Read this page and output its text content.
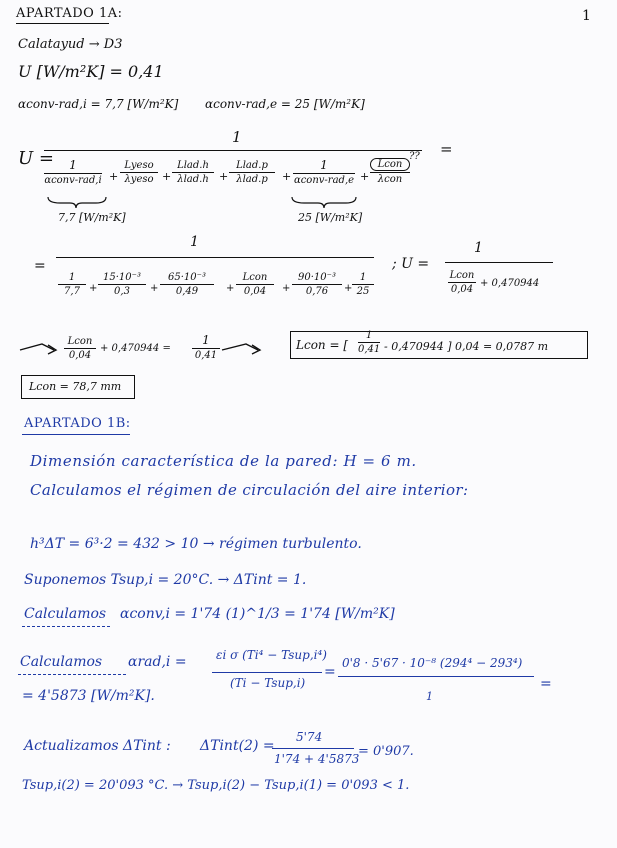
1
APARTADO 1A:
Calatayud → D3
U [W/m²K] = 0,41
αconv-rad,i = 7,7 [W/m²K] αconv-rad,e = 25 [W/m²K]
U =
1
=
1
αconv-rad,i +
Lyeso
λyeso +
Llad.h
λlad.h +
Llad.p
λlad.p	+
1
αconv-rad,e +
Lcon
λcon
??
7,7 [W/m²K]	25 [W/m²K]
=
1
1
7,7 +
15·10⁻³
0,3	+
65·10⁻³
0,49	+
Lcon
0,04	+
90·10⁻³
0,76	+
1
25
; U =
1
Lcon
0,04
+ 0,470944
Lcon
0,04
+ 0,470944 =
1
0,41
Lcon = [
1
0,41 - 0,470944 ] 0,04 = 0,0787 m
Lcon = 78,7 mm
APARTADO 1B:
Dimensión característica de la pared: H = 6 m.
Calculamos el régimen de circulación del aire interior:
h³ΔT = 6³·2 = 432 > 10 → régimen turbulento.
Suponemos Tsup,i = 20°C. → ΔTint = 1.
Calculamos αconv,i = 1'74 (1)^1/3 = 1'74 [W/m²K]
Calculamos αrad,i = εi σ (Ti⁴ − Tsup,i⁴)
(Ti − Tsup,i)
=
0'8 · 5'67 · 10⁻⁸ (294⁴ − 293⁴)
1
=
= 4'5873 [W/m²K].
Actualizamos ΔTint : ΔTint(2) =
5'74
1'74 + 4'5873
= 0'907.
Tsup,i(2) = 20'093 °C. → Tsup,i(2) − Tsup,i(1) = 0'093 < 1.
